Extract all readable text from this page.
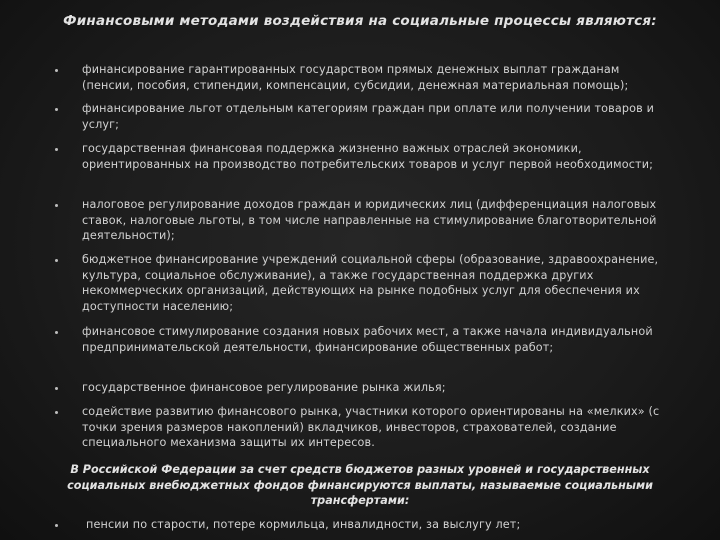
Финансовыми методами воздействия на социальные процессы являются:
финансирование гарантированных государством прямых денежных выплат гражданам (пенсии, пособия, стипендии, компенсации, субсидии, денежная материальная помощь);
финансирование льгот отдельным категориям граждан при оплате или получении товаров и услуг;
государственная финансовая поддержка жизненно важных отраслей экономики, ориентированных на производство потребительских товаров и услуг первой необходимости;
налоговое регулирование доходов граждан и юридических лиц (дифференциация налоговых ставок, налоговые льготы, в том числе направленные на стимулирование благотворительной деятельности);
бюджетное финансирование учреждений социальной сферы (образование, здравоохранение, культура, социальное обслуживание), а также государственная поддержка других некоммерческих организаций, действующих на рынке подобных услуг для обеспечения их доступности населению;
финансовое стимулирование создания новых рабочих мест, а также начала индивидуальной предпринимательской деятельности, финансирование общественных работ;
государственное финансовое регулирование рынка жилья;
содействие развитию финансового рынка, участники которого ориентированы на «мелких» (с точки зрения размеров накоплений) вкладчиков, инвесторов, страхователей, создание специального механизма защиты их интересов.
В Российской Федерации за счет средств бюджетов разных уровней и государственных социальных внебюджетных фондов финансируются выплаты, называемые социальными трансфертами:
пенсии по старости, потере кормильца, инвалидности, за выслугу лет;
